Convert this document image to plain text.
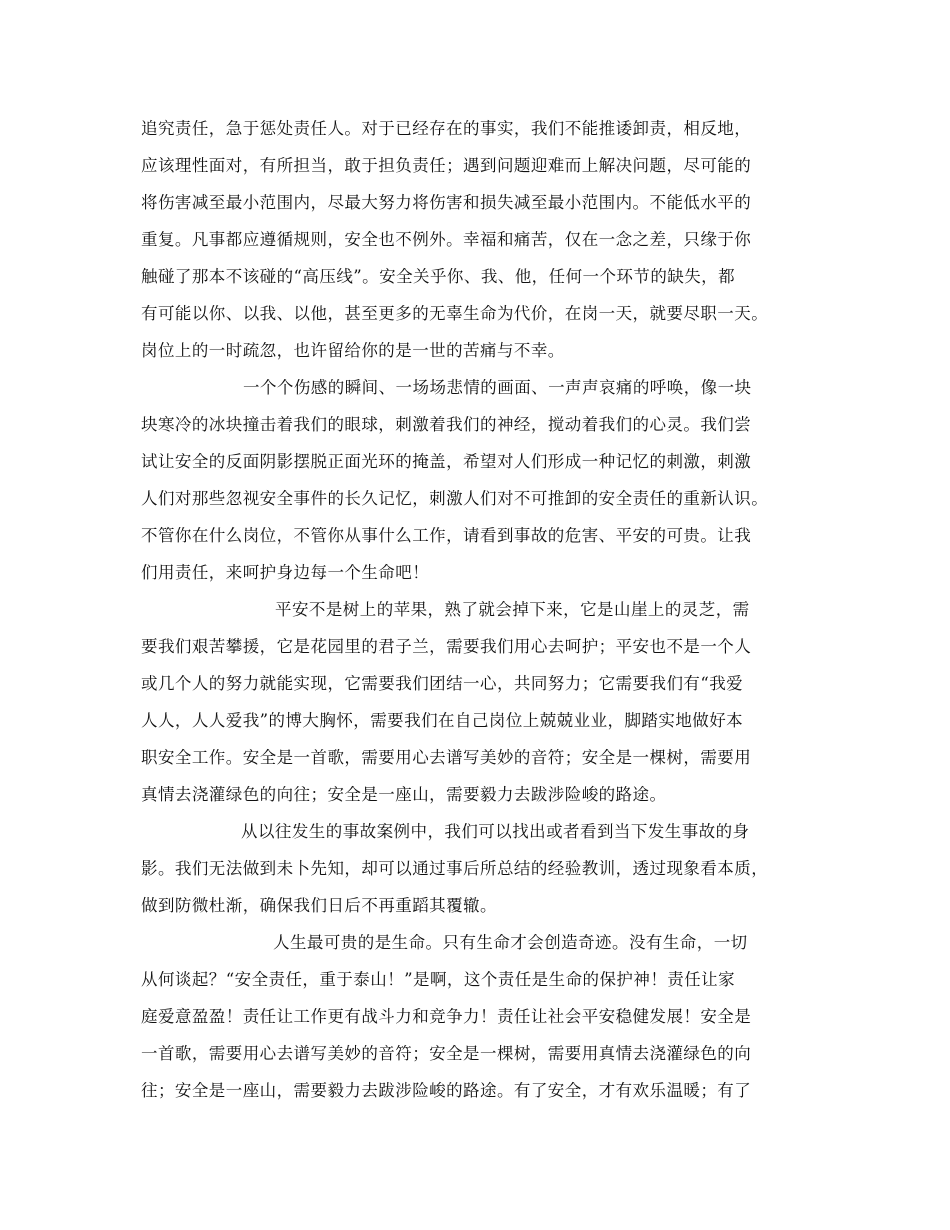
追究责任，急于惩处责任人。对于已经存在的事实，我们不能推诿卸责，相反地，
应该理性面对，有所担当，敢于担负责任；遇到问题迎难而上解决问题，尽可能的
将伤害减至最小范围内，尽最大努力将伤害和损失减至最小范围内。不能低水平的
重复。凡事都应遵循规则，安全也不例外。幸福和痛苦，仅在一念之差，只缘于你
触碰了那本不该碰的“高压线”。安全关乎你、我、他，任何一个环节的缺失，都
有可能以你、以我、以他，甚至更多的无辜生命为代价，在岗一天，就要尽职一天。
岗位上的一时疏忽，也许留给你的是一世的苦痛与不幸。
一个个伤感的瞬间、一场场悲情的画面、一声声哀痛的呼唤，像一块
块寒冷的冰块撞击着我们的眼球，刺激着我们的神经，搅动着我们的心灵。我们尝
试让安全的反面阴影摆脱正面光环的掩盖，希望对人们形成一种记忆的刺激，刺激
人们对那些忽视安全事件的长久记忆，刺激人们对不可推卸的安全责任的重新认识。
不管你在什么岗位，不管你从事什么工作，请看到事故的危害、平安的可贵。让我
们用责任，来呵护身边每一个生命吧！
平安不是树上的苹果，熟了就会掉下来，它是山崖上的灵芝，需
要我们艰苦攀援，它是花园里的君子兰，需要我们用心去呵护；平安也不是一个人
或几个人的努力就能实现，它需要我们团结一心，共同努力；它需要我们有“我爱
人人，人人爱我”的博大胸怀，需要我们在自己岗位上兢兢业业，脚踏实地做好本
职安全工作。安全是一首歌，需要用心去谱写美妙的音符；安全是一棵树，需要用
真情去浇灌绿色的向往；安全是一座山，需要毅力去跋涉险峻的路途。
从以往发生的事故案例中，我们可以找出或者看到当下发生事故的身
影。我们无法做到未卜先知，却可以通过事后所总结的经验教训，透过现象看本质，
做到防微杜渐，确保我们日后不再重蹈其覆辙。
人生最可贵的是生命。只有生命才会创造奇迹。没有生命，一切
从何谈起？“安全责任，重于泰山！”是啊，这个责任是生命的保护神！责任让家
庭爱意盈盈！责任让工作更有战斗力和竞争力！责任让社会平安稳健发展！安全是
一首歌，需要用心去谱写美妙的音符；安全是一棵树，需要用真情去浇灌绿色的向
往；安全是一座山，需要毅力去跋涉险峻的路途。有了安全，才有欢乐温暖；有了
